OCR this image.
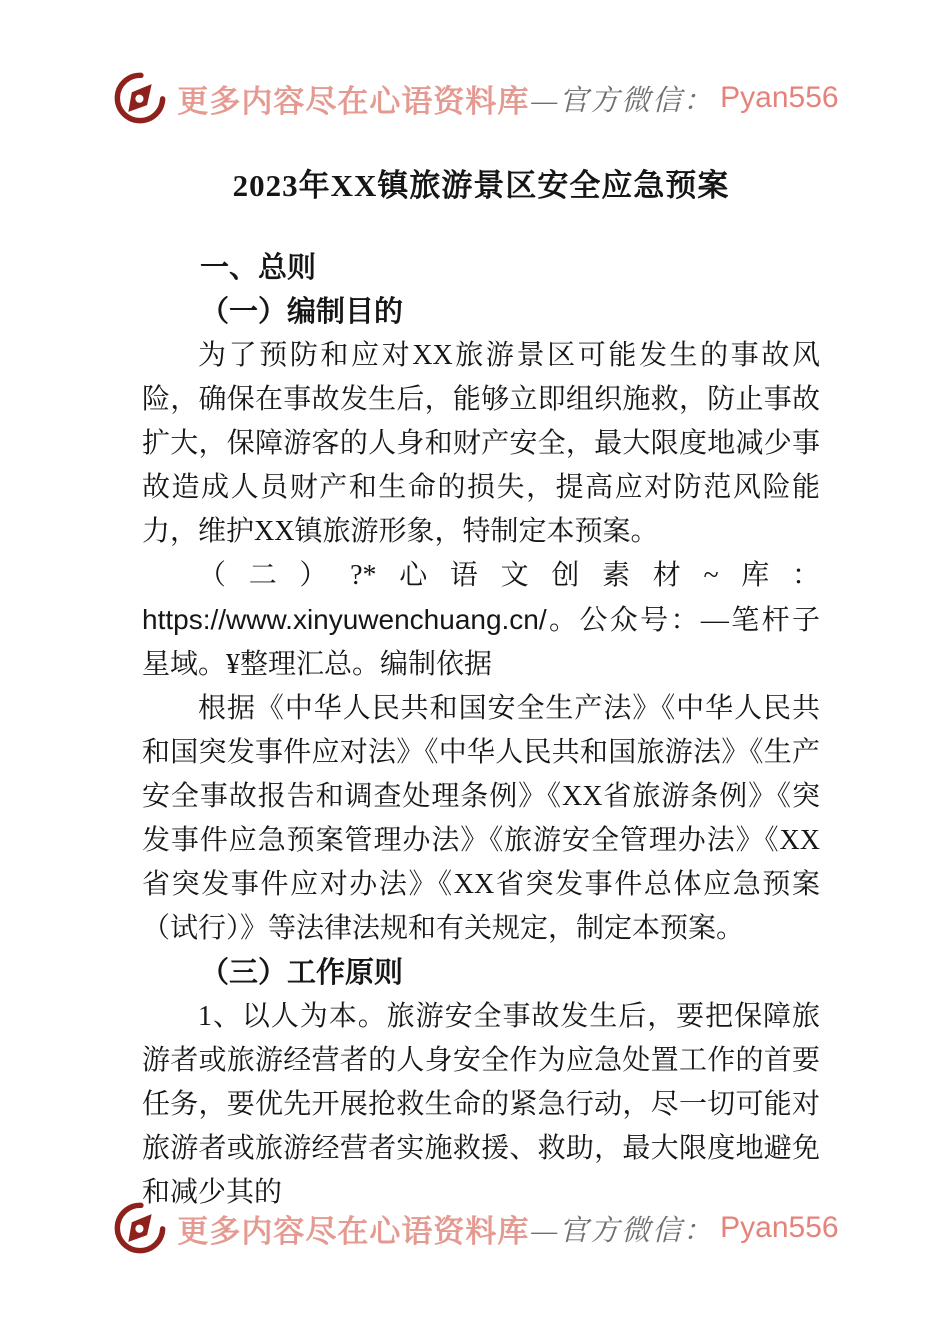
更多内容尽在心语资料库 —官方微信： Pyan556

2023年XX镇旅游景区安全应急预案

一、总则

（一）编制目的

为了预防和应对XX旅游景区可能发生的事故风险，确保在事故发生后，能够立即组织施救，防止事故扩大，保障游客的人身和财产安全，最大限度地减少事故造成人员财产和生命的损失，提高应对防范风险能力，维护XX镇旅游形象，特制定本预案。

（二）?*心语文创素材~库：https://www.xinyuwenchuang.cn/。公众号：—笔杆子星域。¥整理汇总。编制依据

根据《中华人民共和国安全生产法》《中华人民共和国突发事件应对法》《中华人民共和国旅游法》《生产安全事故报告和调查处理条例》《XX省旅游条例》《突发事件应急预案管理办法》《旅游安全管理办法》《XX省突发事件应对办法》《XX省突发事件总体应急预案（试行）》等法律法规和有关规定，制定本预案。

（三）工作原则

1、以人为本。旅游安全事故发生后，要把保障旅游者或旅游经营者的人身安全作为应急处置工作的首要任务，要优先开展抢救生命的紧急行动，尽一切可能对旅游者或旅游经营者实施救援、救助，最大限度地避免和减少其的

更多内容尽在心语资料库 —官方微信： Pyan556
